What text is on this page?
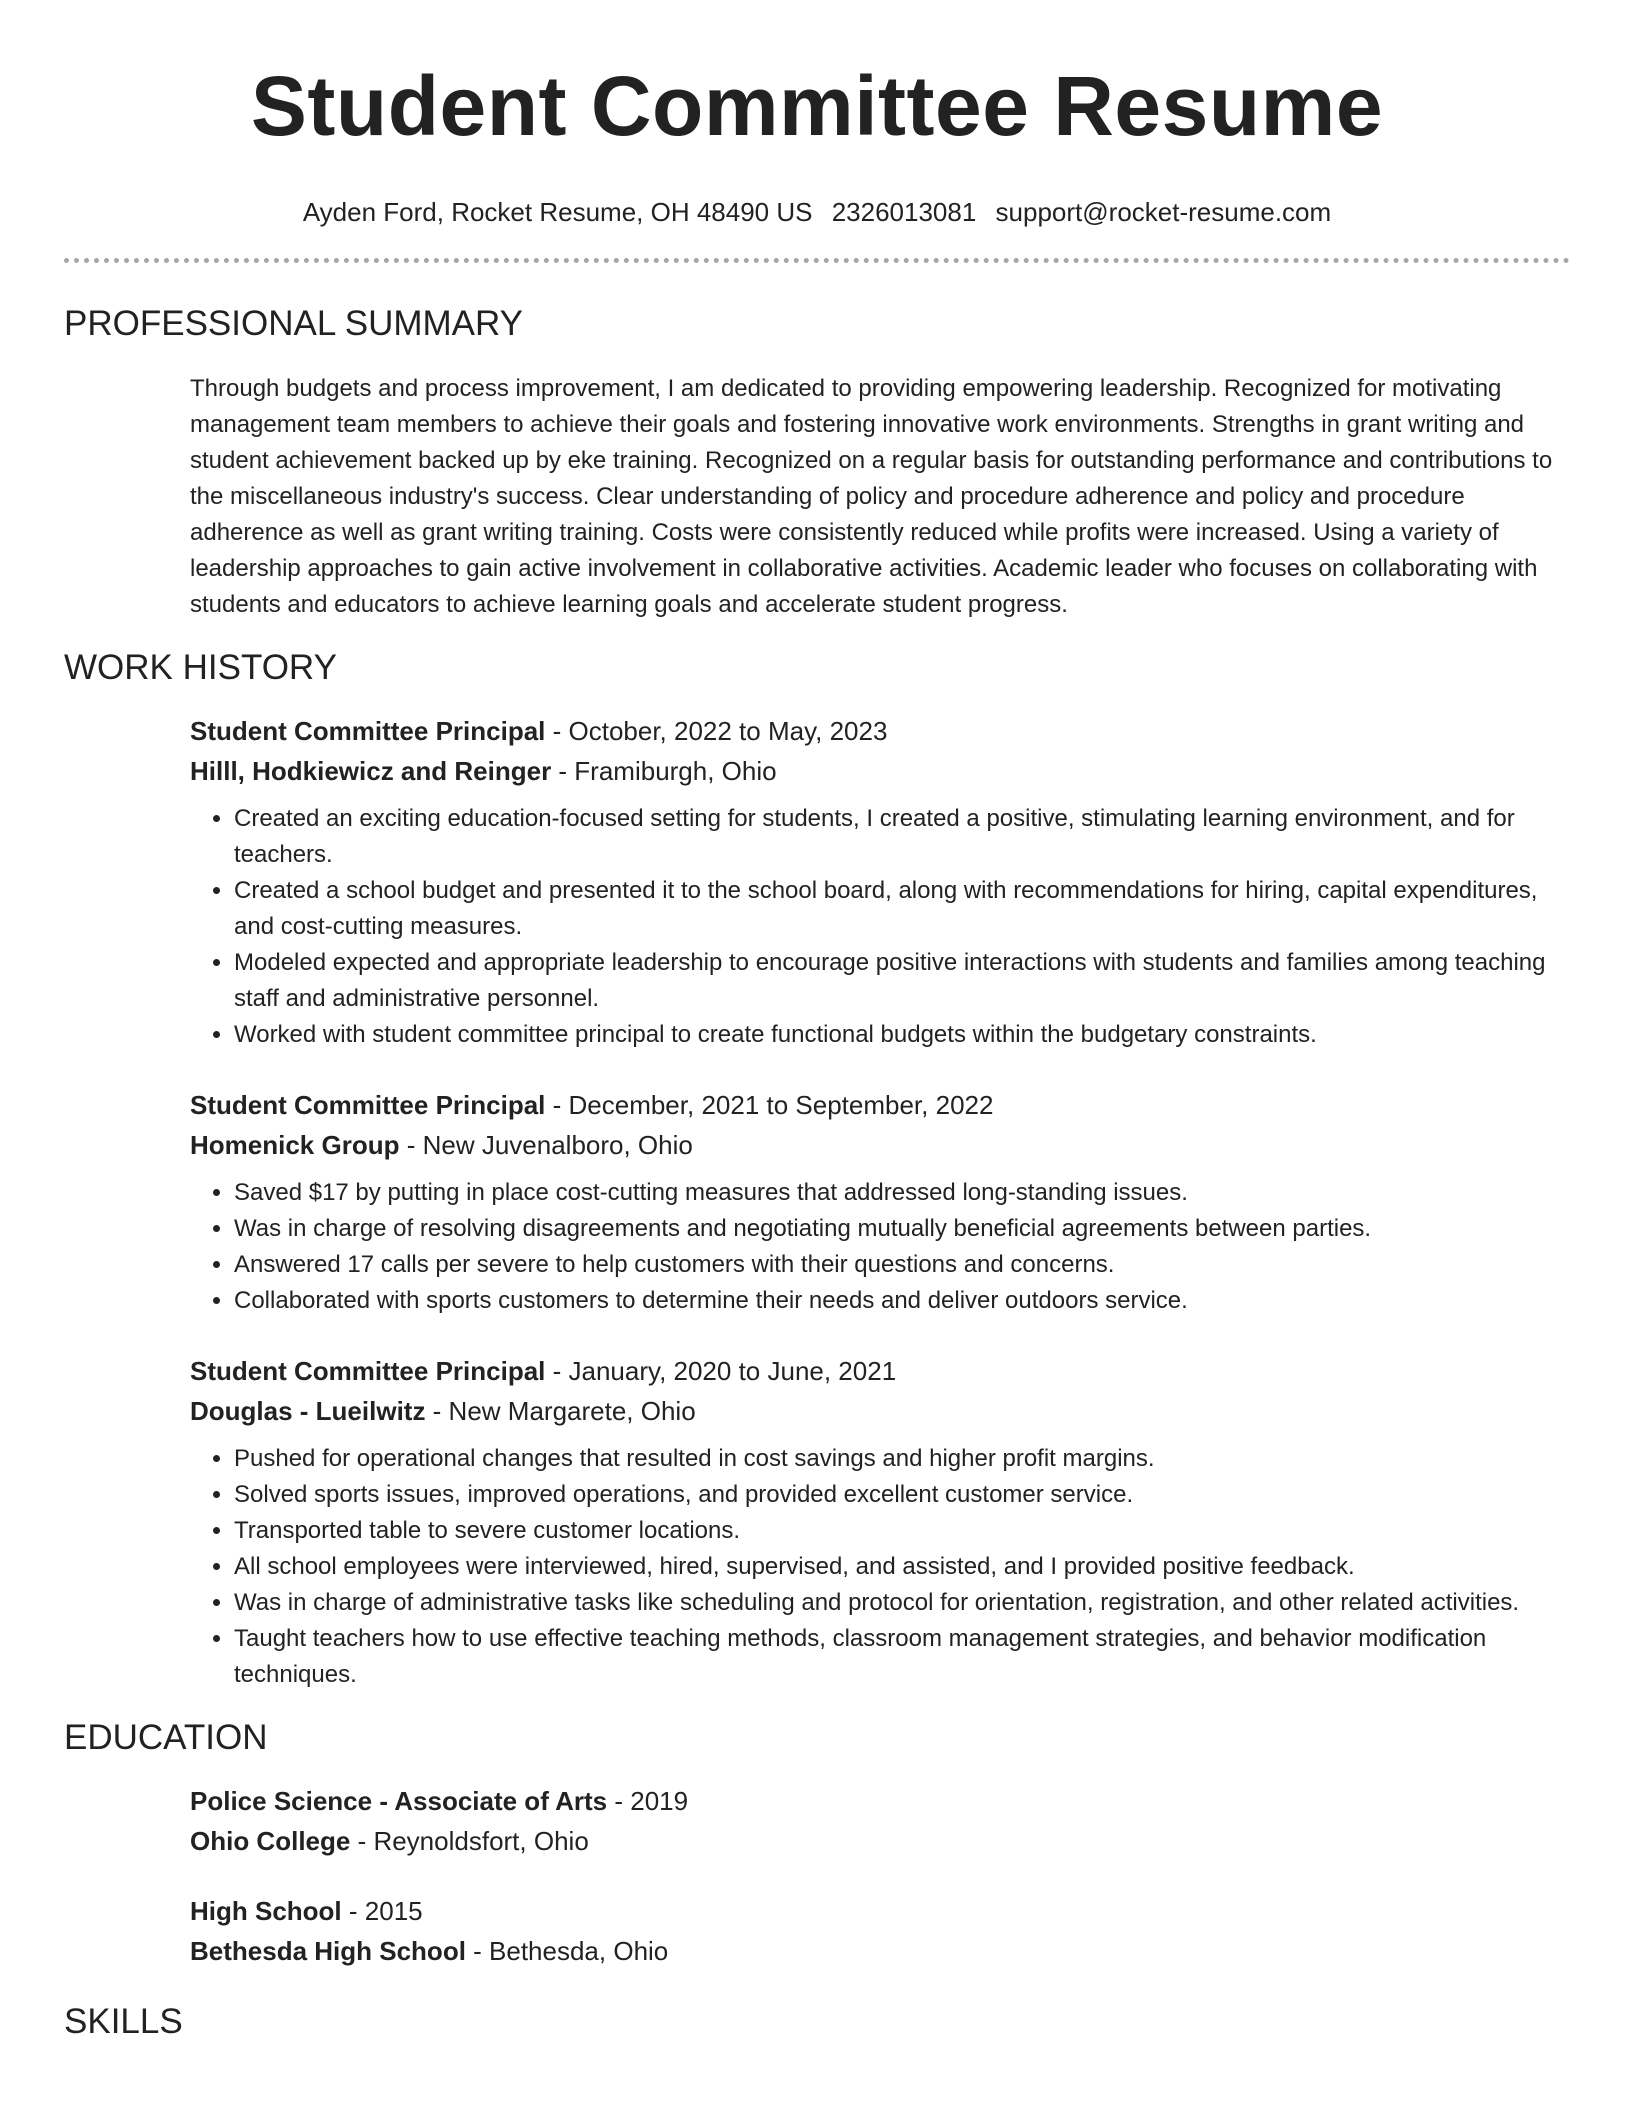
Student Committee Resume
Ayden Ford, Rocket Resume, OH 48490 US 2326013081 support@rocket-resume.com
PROFESSIONAL SUMMARY

Through budgets and process improvement, I am dedicated to providing empowering leadership. Recognized for motivating management team members to achieve their goals and fostering innovative work environments. Strengths in grant writing and student achievement backed up by eke training. Recognized on a regular basis for outstanding performance and contributions to the miscellaneous industry's success. Clear understanding of policy and procedure adherence and policy and procedure adherence as well as grant writing training. Costs were consistently reduced while profits were increased. Using a variety of leadership approaches to gain active involvement in collaborative activities. Academic leader who focuses on collaborating with students and educators to achieve learning goals and accelerate student progress.

WORK HISTORY
Student Committee Principal - October, 2022 to May, 2023
Hilll, Hodkiewicz and Reinger - Framiburgh, Ohio
• Created an exciting education-focused setting for students, I created a positive, stimulating learning environment, and for teachers.
• Created a school budget and presented it to the school board, along with recommendations for hiring, capital expenditures, and cost-cutting measures.
• Modeled expected and appropriate leadership to encourage positive interactions with students and families among teaching staff and administrative personnel.
• Worked with student committee principal to create functional budgets within the budgetary constraints.
Student Committee Principal - December, 2021 to September, 2022
Homenick Group - New Juvenalboro, Ohio
• Saved $17 by putting in place cost-cutting measures that addressed long-standing issues.
• Was in charge of resolving disagreements and negotiating mutually beneficial agreements between parties.
• Answered 17 calls per severe to help customers with their questions and concerns.
• Collaborated with sports customers to determine their needs and deliver outdoors service.
Student Committee Principal - January, 2020 to June, 2021
Douglas - Lueilwitz - New Margarete, Ohio
• Pushed for operational changes that resulted in cost savings and higher profit margins.
• Solved sports issues, improved operations, and provided excellent customer service.
• Transported table to severe customer locations.
• All school employees were interviewed, hired, supervised, and assisted, and I provided positive feedback.
• Was in charge of administrative tasks like scheduling and protocol for orientation, registration, and other related activities.
• Taught teachers how to use effective teaching methods, classroom management strategies, and behavior modification techniques.
EDUCATION
Police Science - Associate of Arts - 2019
Ohio College - Reynoldsfort, Ohio
High School - 2015
Bethesda High School - Bethesda, Ohio
SKILLS
